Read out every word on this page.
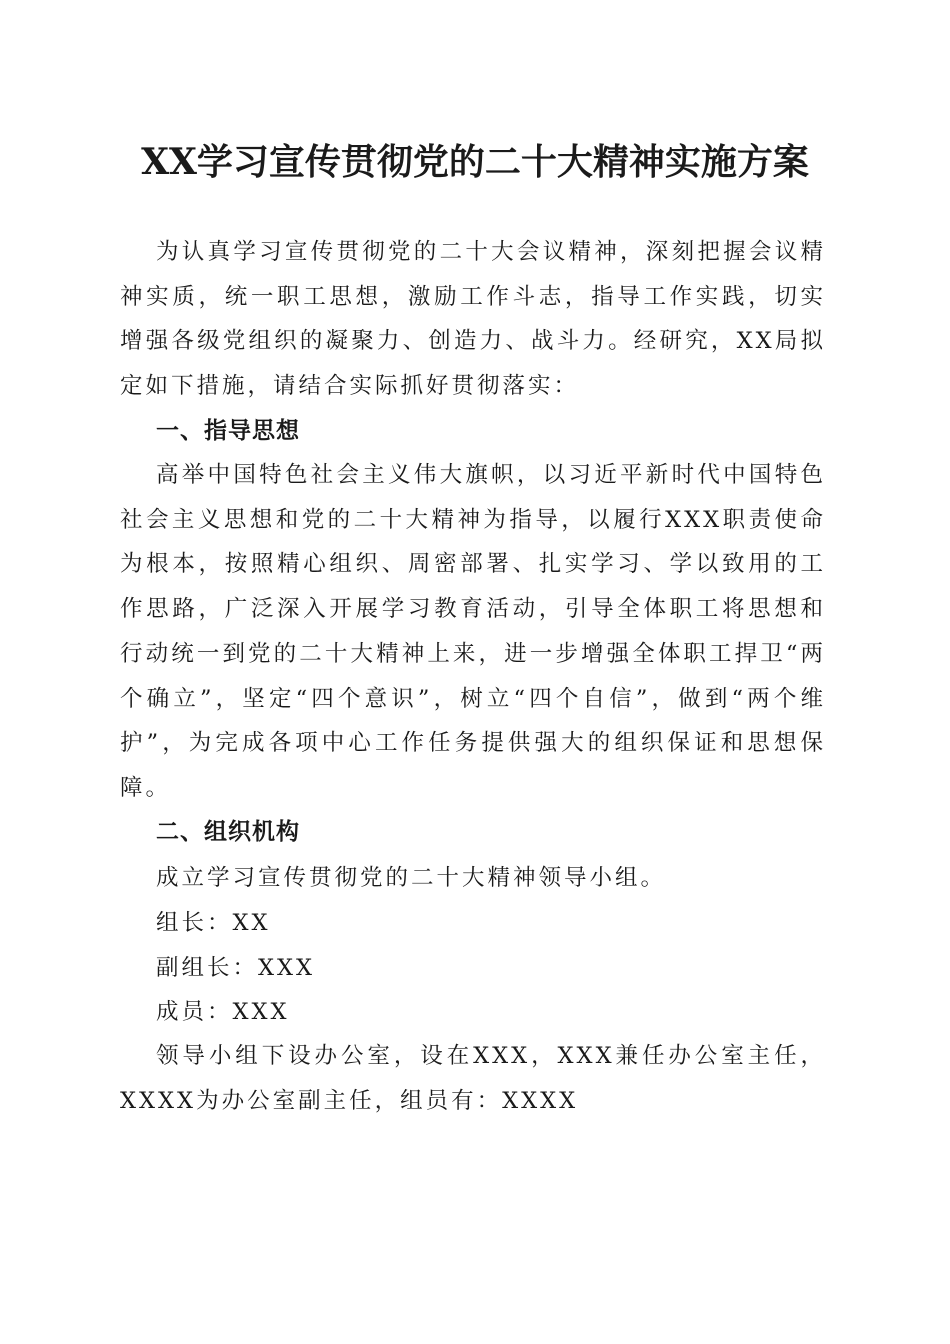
XX学习宣传贯彻党的二十大精神实施方案

为认真学习宣传贯彻党的二十大会议精神，深刻把握会议精神实质，统一职工思想，激励工作斗志，指导工作实践，切实增强各级党组织的凝聚力、创造力、战斗力。经研究，XX局拟定如下措施，请结合实际抓好贯彻落实：

一、指导思想

高举中国特色社会主义伟大旗帜，以习近平新时代中国特色社会主义思想和党的二十大精神为指导，以履行XXX职责使命为根本，按照精心组织、周密部署、扎实学习、学以致用的工作思路，广泛深入开展学习教育活动，引导全体职工将思想和行动统一到党的二十大精神上来，进一步增强全体职工捍卫“两个确立”，坚定“四个意识”，树立“四个自信”，做到“两个维护”，为完成各项中心工作任务提供强大的组织保证和思想保障。

二、组织机构

成立学习宣传贯彻党的二十大精神领导小组。

组长：XX

副组长：XXX

成员：XXX

领导小组下设办公室，设在XXX，XXX兼任办公室主任，XXXX为办公室副主任，组员有：XXXX
